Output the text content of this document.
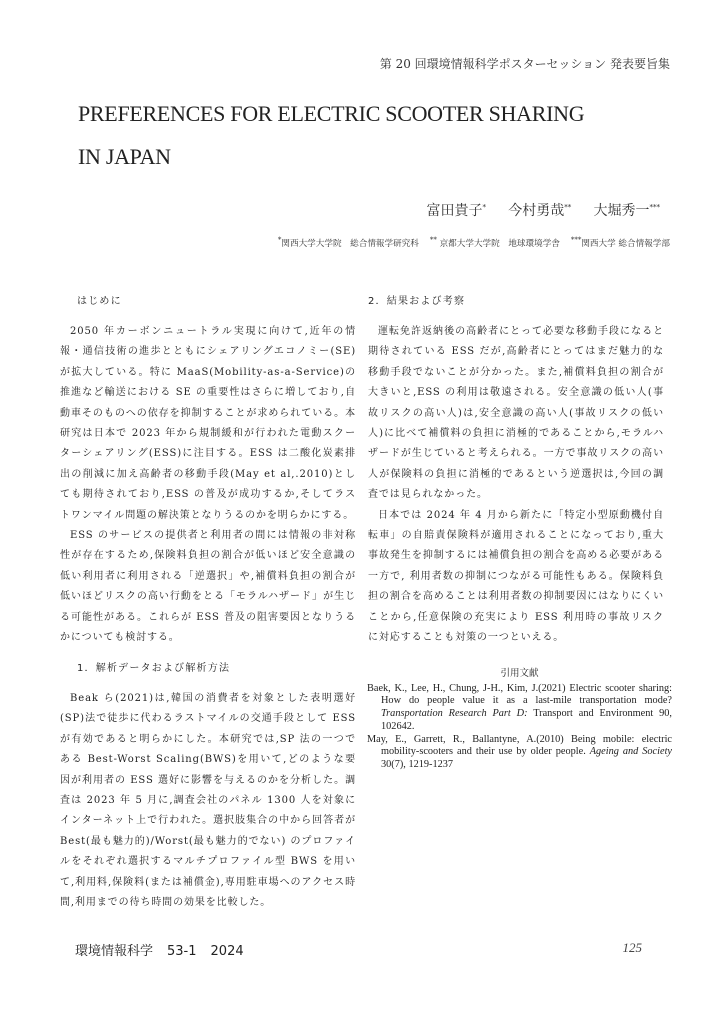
第 20 回環境情報科学ポスターセッション 発表要旨集
PREFERENCES FOR ELECTRIC SCOOTER SHARING
IN JAPAN
富田貴子* 今村勇哉** 大堀秀一***
*関西大学大学院　総合情報学研究科 ** 京都大学大学院　地球環境学舎 ***関西大学 総合情報学部
はじめに

2050 年カーボンニュートラル実現に向けて,近年の情報・通信技術の進歩とともにシェアリングエコノミー(SE)が拡大している。特に MaaS(Mobility-as-a-Service)の推進など輸送における SE の重要性はさらに増しており,自動車そのものへの依存を抑制することが求められている。本研究は日本で 2023 年から規制緩和が行われた電動スクーターシェアリング(ESS)に注目する。ESS は二酸化炭素排出の削減に加え高齢者の移動手段(May et al,.2010)としても期待されており,ESS の普及が成功するか,そしてラストワンマイル問題の解決策となりうるのかを明らかにする。

ESS のサービスの提供者と利用者の間には情報の非対称性が存在するため,保険料負担の割合が低いほど安全意識の低い利用者に利用される「逆選択」や,補償料負担の割合が低いほどリスクの高い行動をとる「モラルハザード」が生じる可能性がある。これらが ESS 普及の阻害要因となりうるかについても検討する。

1．解析データおよび解析方法

Beak ら(2021)は,韓国の消費者を対象とした表明選好(SP)法で徒歩に代わるラストマイルの交通手段として ESS が有効であると明らかにした。本研究では,SP 法の一つである Best-Worst Scaling(BWS)を用いて,どのような要因が利用者の ESS 選好に影響を与えるのかを分析した。調査は 2023 年 5 月に,調査会社のパネル 1300 人を対象にインターネット上で行われた。選択肢集合の中から回答者が Best(最も魅力的)/Worst(最も魅力的でない) のプロファイルをそれぞれ選択するマルチプロファイル型 BWS を用いて,利用料,保険料(または補償金),専用駐車場へのアクセス時間,利用までの待ち時間の効果を比較した。

2．結果および考察

運転免許返納後の高齢者にとって必要な移動手段になると期待されている ESS だが,高齢者にとってはまだ魅力的な移動手段でないことが分かった。また,補償料負担の割合が大きいと,ESS の利用は敬遠される。安全意識の低い人(事故リスクの高い人)は,安全意識の高い人(事故リスクの低い人)に比べて補償料の負担に消極的であることから,モラルハザードが生じていると考えられる。一方で事故リスクの高い人が保険料の負担に消極的であるという逆選択は,今回の調査では見られなかった。

日本では 2024 年 4 月から新たに「特定小型原動機付自転車」の自賠責保険料が適用されることになっており,重大事故発生を抑制するには補償負担の割合を高める必要がある一方で, 利用者数の抑制につながる可能性もある。保険料負担の割合を高めることは利用者数の抑制要因にはなりにくいことから,任意保険の充実により ESS 利用時の事故リスクに対応することも対策の一つといえる。

引用文献

Baek, K., Lee, H., Chung, J-H., Kim, J.(2021) Electric scooter sharing: How do people value it as a last-mile transportation mode? Transportation Research Part D: Transport and Environment 90, 102642.

May, E., Garrett, R., Ballantyne, A.(2010) Being mobile: electric mobility-scooters and their use by older people. Ageing and Society 30(7), 1219-1237

環境情報科学 53-1 2024	125
